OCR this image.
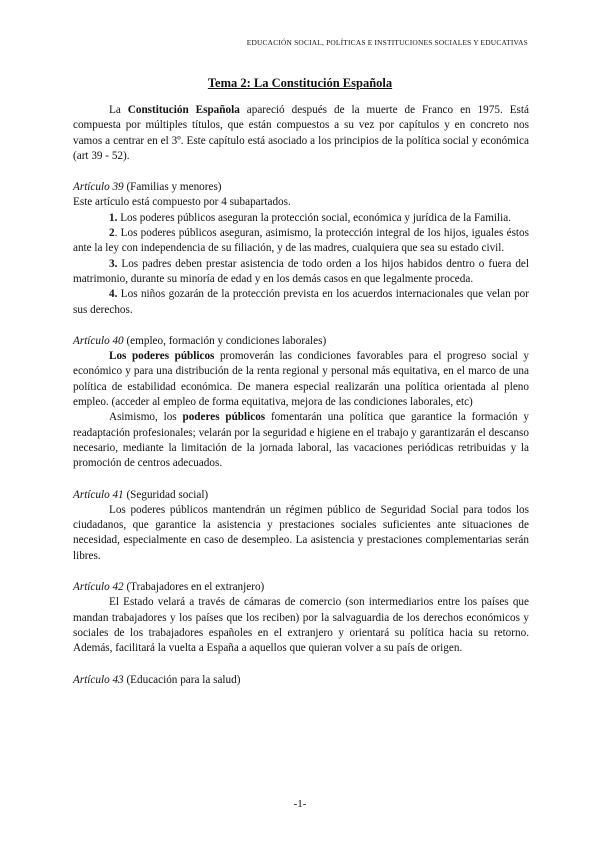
EDUCACIÓN SOCIAL, POLÍTICAS E INSTITUCIONES SOCIALES Y EDUCATIVAS
Tema 2: La Constitución Española

La Constitución Española apareció después de la muerte de Franco en 1975. Está compuesta por múltiples títulos, que están compuestos a su vez por capítulos y en concreto nos vamos a centrar en el 3º. Este capítulo está asociado a los principios de la política social y económica (art 39 - 52).

Artículo 39 (Familias y menores)

Este artículo está compuesto por 4 subapartados.

1. Los poderes públicos aseguran la protección social, económica y jurídica de la Familia.

2. Los poderes públicos aseguran, asimismo, la protección integral de los hijos, iguales éstos ante la ley con independencia de su filiación, y de las madres, cualquiera que sea su estado civil.

3. Los padres deben prestar asistencia de todo orden a los hijos habidos dentro o fuera del matrimonio, durante su minoría de edad y en los demás casos en que legalmente proceda.

4. Los niños gozarán de la protección prevista en los acuerdos internacionales que velan por sus derechos.

Artículo 40 (empleo, formación y condiciones laborales)

Los poderes públicos promoverán las condiciones favorables para el progreso social y económico y para una distribución de la renta regional y personal más equitativa, en el marco de una política de estabilidad económica. De manera especial realizarán una política orientada al pleno empleo. (acceder al empleo de forma equitativa, mejora de las condiciones laborales, etc)

Asimismo, los poderes públicos fomentarán una política que garantice la formación y readaptación profesionales; velarán por la seguridad e higiene en el trabajo y garantizarán el descanso necesario, mediante la limitación de la jornada laboral, las vacaciones periódicas retribuidas y la promoción de centros adecuados.

Artículo 41 (Seguridad social)

Los poderes públicos mantendrán un régimen público de Seguridad Social para todos los ciudadanos, que garantice la asistencia y prestaciones sociales suficientes ante situaciones de necesidad, especialmente en caso de desempleo. La asistencia y prestaciones complementarias serán libres.

Artículo 42 (Trabajadores en el extranjero)

El Estado velará a través de cámaras de comercio (son intermediarios entre los países que mandan trabajadores y los países que los reciben) por la salvaguardia de los derechos económicos y sociales de los trabajadores españoles en el extranjero y orientará su política hacia su retorno. Además, facilitará la vuelta a España a aquellos que quieran volver a su país de origen.

Artículo 43 (Educación para la salud)

-1-
